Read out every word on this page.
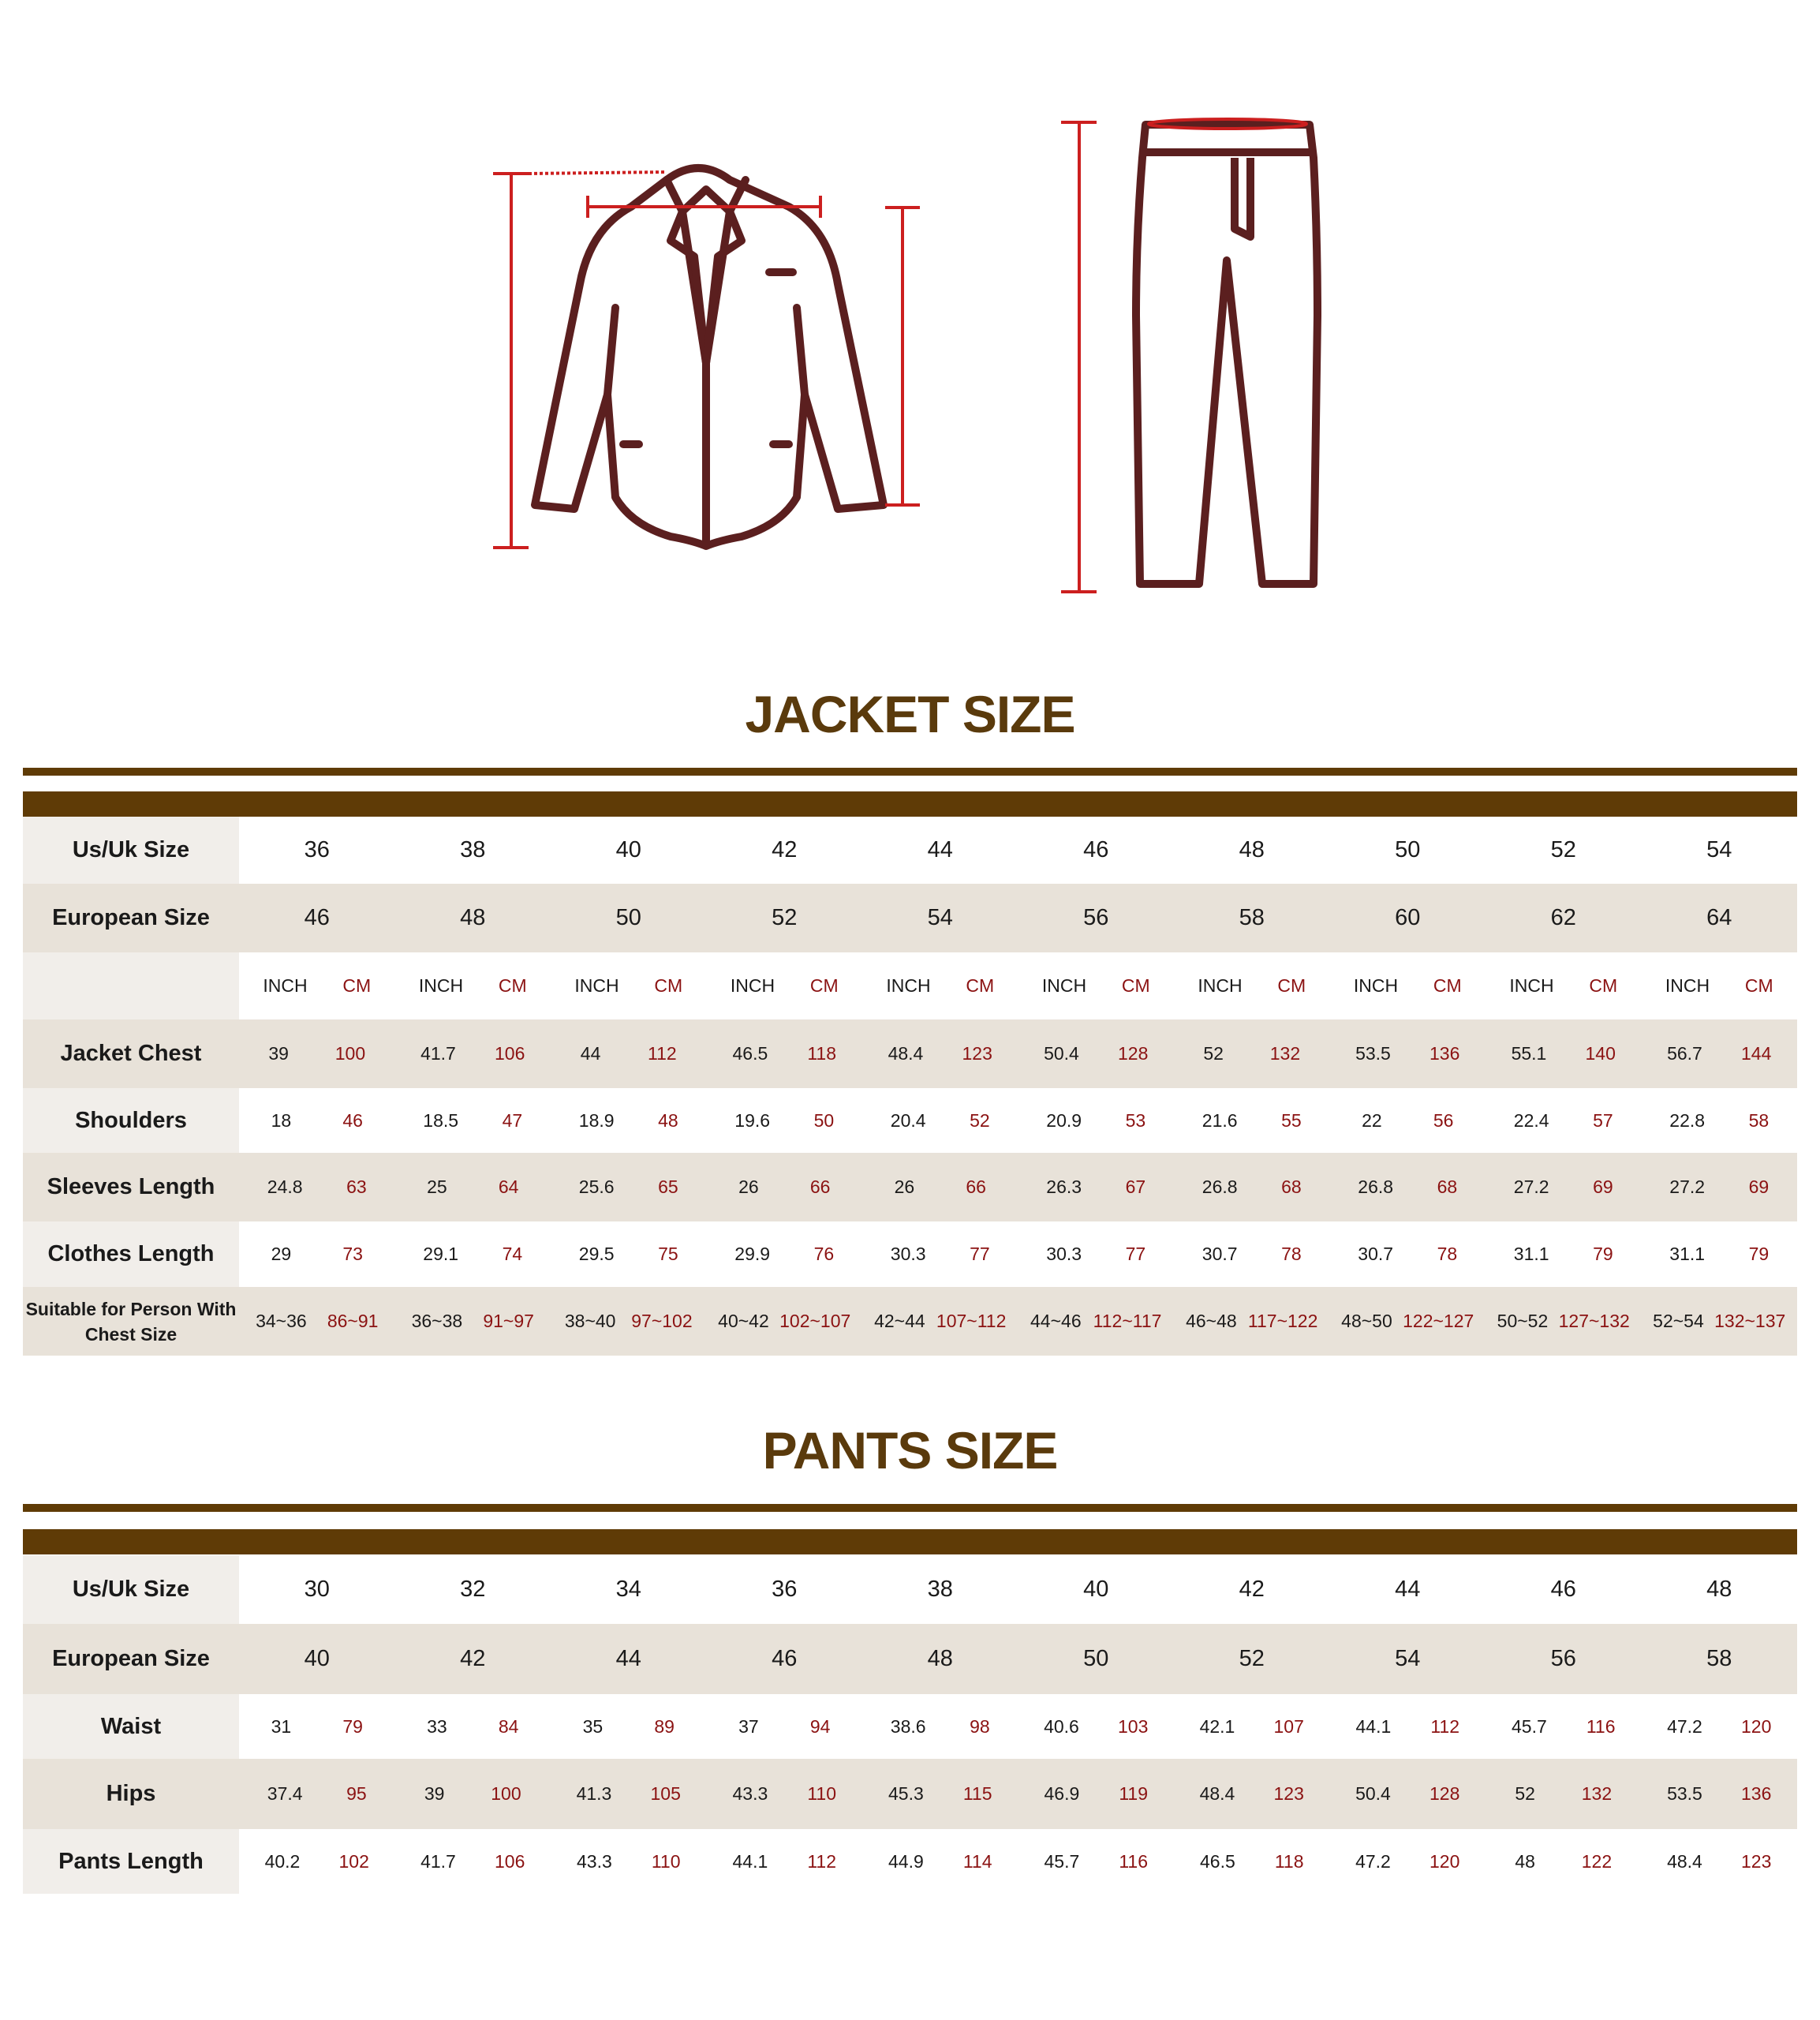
JACKET SIZE
Us/Uk Size	36	38	40	42	44	46	48	50	52	54
European Size	46	48	50	52	54	56	58	60	62	64

	INCH CM	INCH CM	INCH CM	INCH CM	INCH CM	INCH CM	INCH CM	INCH CM	INCH CM	INCH CM

Jacket Chest	39 100	41.7 106	44 112	46.5 118	48.4 123	50.4 128	52 132	53.5 136	55.1 140	56.7 144

Shoulders	18 46	18.5 47	18.9 48	19.6 50	20.4 52	20.9 53	21.6 55	22 56	22.4 57	22.8 58

Sleeves Length	24.8 63	25 64	25.6 65	26 66	26 66	26.3 67	26.8 68	26.8 68	27.2 69	27.2 69

Clothes Length	29 73	29.1 74	29.5 75	29.9 76	30.3 77	30.3 77	30.7 78	30.7 78	31.1 79	31.1 79

Suitable for Person With Chest Size	34~36 86~91	36~38 91~97	38~40 97~102	40~42 102~107	42~44 107~112	44~46 112~117	46~48 117~122	48~50 122~127	50~52 127~132	52~54 132~137
PANTS SIZE
Us/Uk Size	30	32	34	36	38	40	42	44	46	48
European Size	40	42	44	46	48	50	52	54	56	58
Waist	31 79	33 84	35 89	37 94	38.6 98	40.6 103	42.1 107	44.1 112	45.7 116	47.2 120

Hips	37.4 95	39 100	41.3 105	43.3 110	45.3 115	46.9 119	48.4 123	50.4 128	52 132	53.5 136

Pants Length	40.2 102	41.7 106	43.3 110	44.1 112	44.9 114	45.7 116	46.5 118	47.2 120	48 122	48.4 123
